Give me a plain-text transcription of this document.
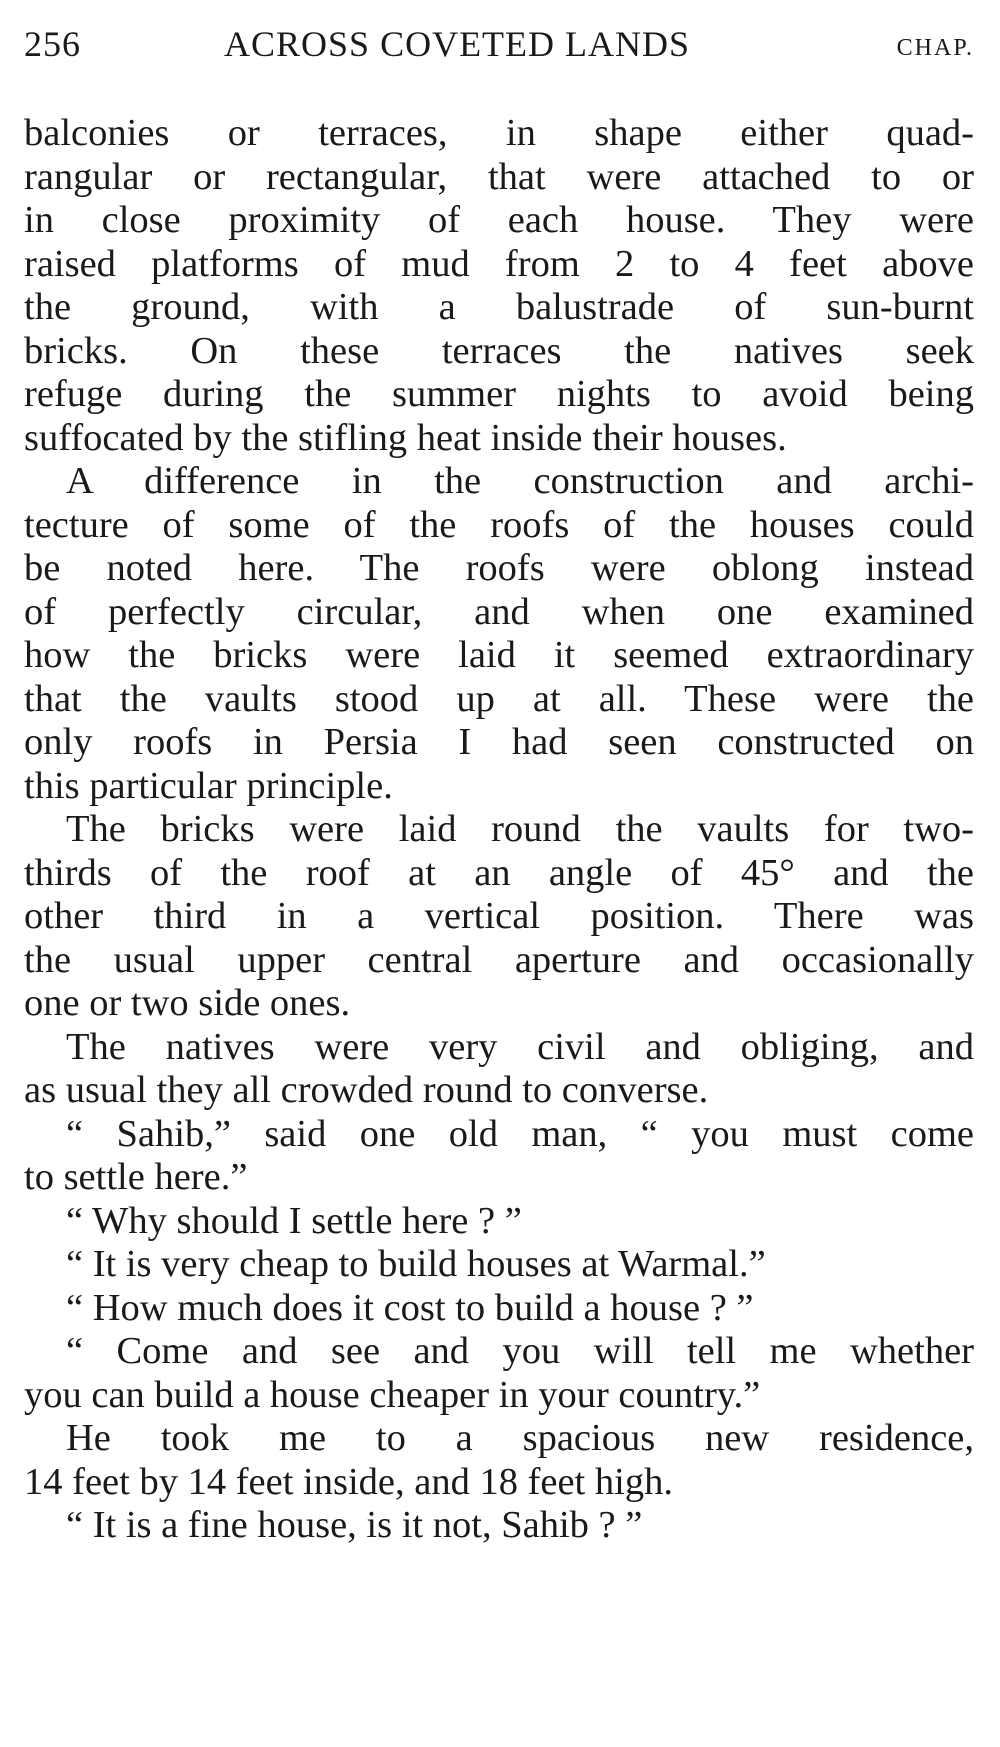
256	ACROSS COVETED LANDS	CHAP.
balconies or terraces, in shape either quad-
rangular or rectangular, that were attached to or
in close proximity of each house. They were
raised platforms of mud from 2 to 4 feet above
the ground, with a balustrade of sun-burnt
bricks. On these terraces the natives seek
refuge during the summer nights to avoid being
suffocated by the stifling heat inside their houses.
A difference in the construction and archi-
tecture of some of the roofs of the houses could
be noted here. The roofs were oblong instead
of perfectly circular, and when one examined
how the bricks were laid it seemed extraordinary
that the vaults stood up at all. These were the
only roofs in Persia I had seen constructed on
this particular principle.
The bricks were laid round the vaults for two-
thirds of the roof at an angle of 45° and the
other third in a vertical position. There was
the usual upper central aperture and occasionally
one or two side ones.
The natives were very civil and obliging, and
as usual they all crowded round to converse.
“ Sahib,” said one old man, “ you must come
to settle here.”
“ Why should I settle here ? ”
“ It is very cheap to build houses at Warmal.”
“ How much does it cost to build a house ? ”
“ Come and see and you will tell me whether
you can build a house cheaper in your country.”
He took me to a spacious new residence,
14 feet by 14 feet inside, and 18 feet high.
“ It is a fine house, is it not, Sahib ? ”
